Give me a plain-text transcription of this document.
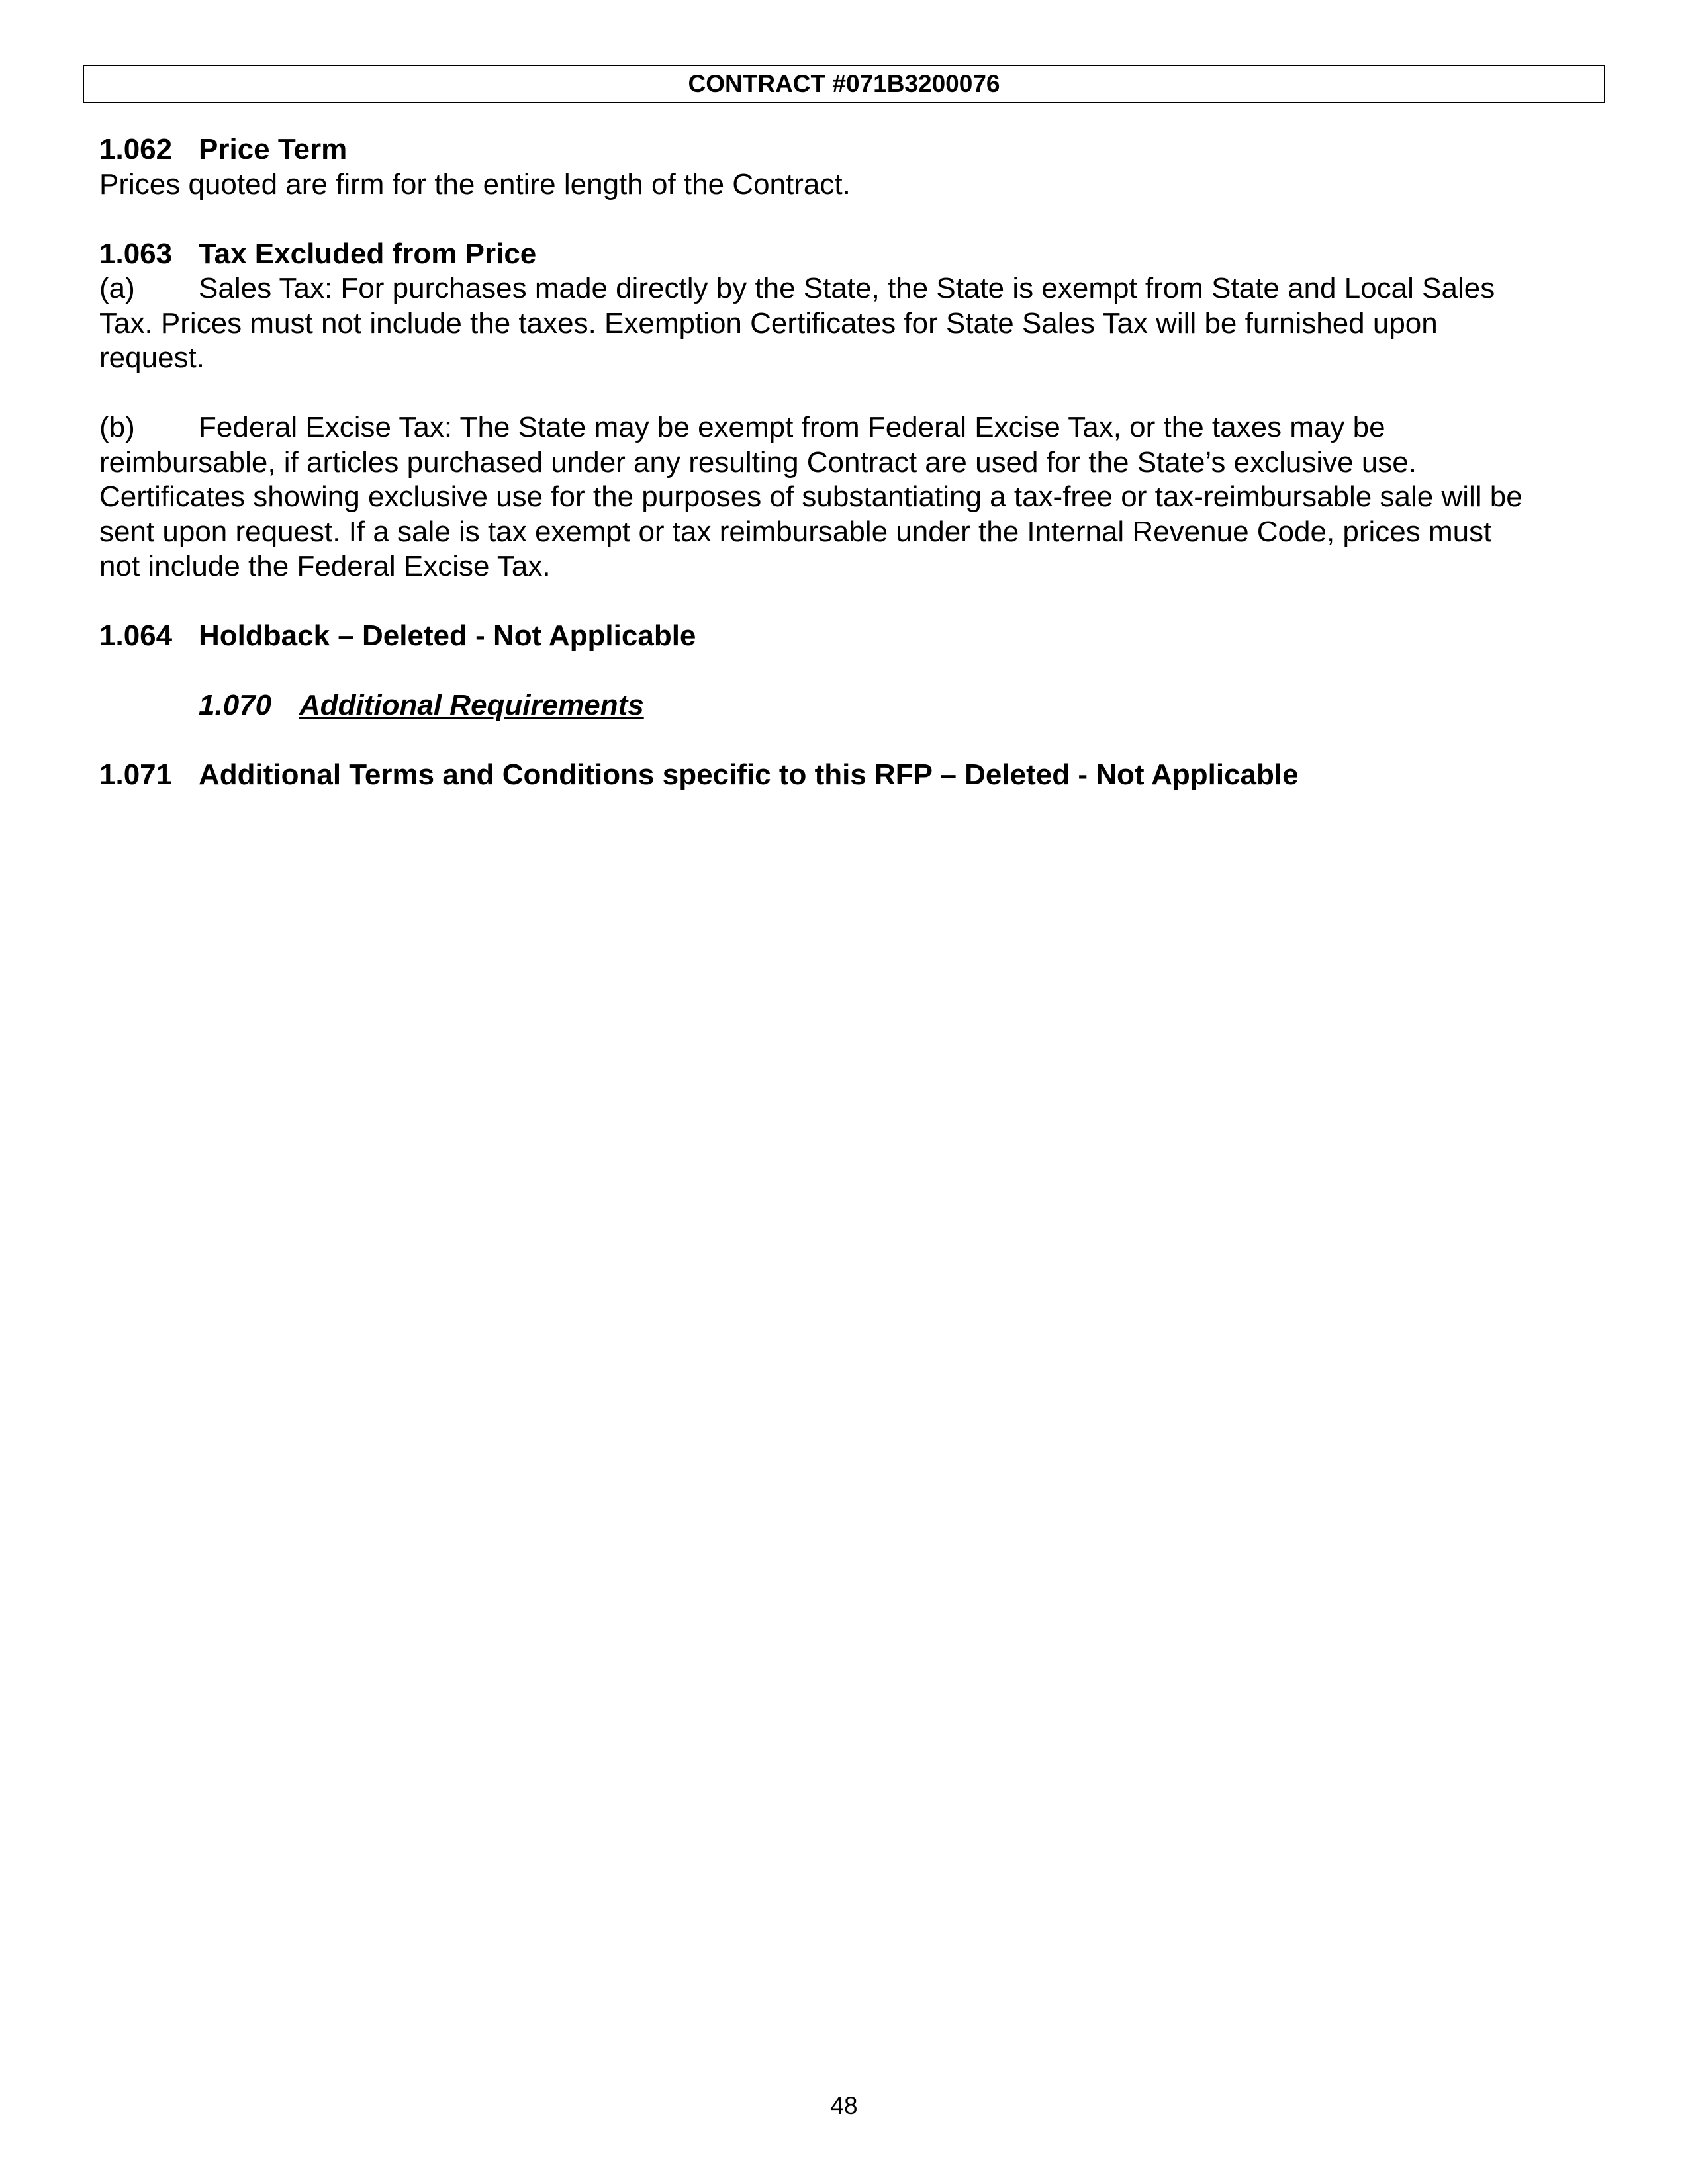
CONTRACT #071B3200076

1.062 Price Term

Prices quoted are firm for the entire length of the Contract.

1.063 Tax Excluded from Price

(a) Sales Tax: For purchases made directly by the State, the State is exempt from State and Local Sales

Tax. Prices must not include the taxes. Exemption Certificates for State Sales Tax will be furnished upon

request.

(b) Federal Excise Tax: The State may be exempt from Federal Excise Tax, or the taxes may be

reimbursable, if articles purchased under any resulting Contract are used for the State’s exclusive use.

Certificates showing exclusive use for the purposes of substantiating a tax-free or tax-reimbursable sale will be

sent upon request. If a sale is tax exempt or tax reimbursable under the Internal Revenue Code, prices must

not include the Federal Excise Tax.

1.064 Holdback – Deleted - Not Applicable

1.070 Additional Requirements

1.071 Additional Terms and Conditions specific to this RFP – Deleted - Not Applicable

48
